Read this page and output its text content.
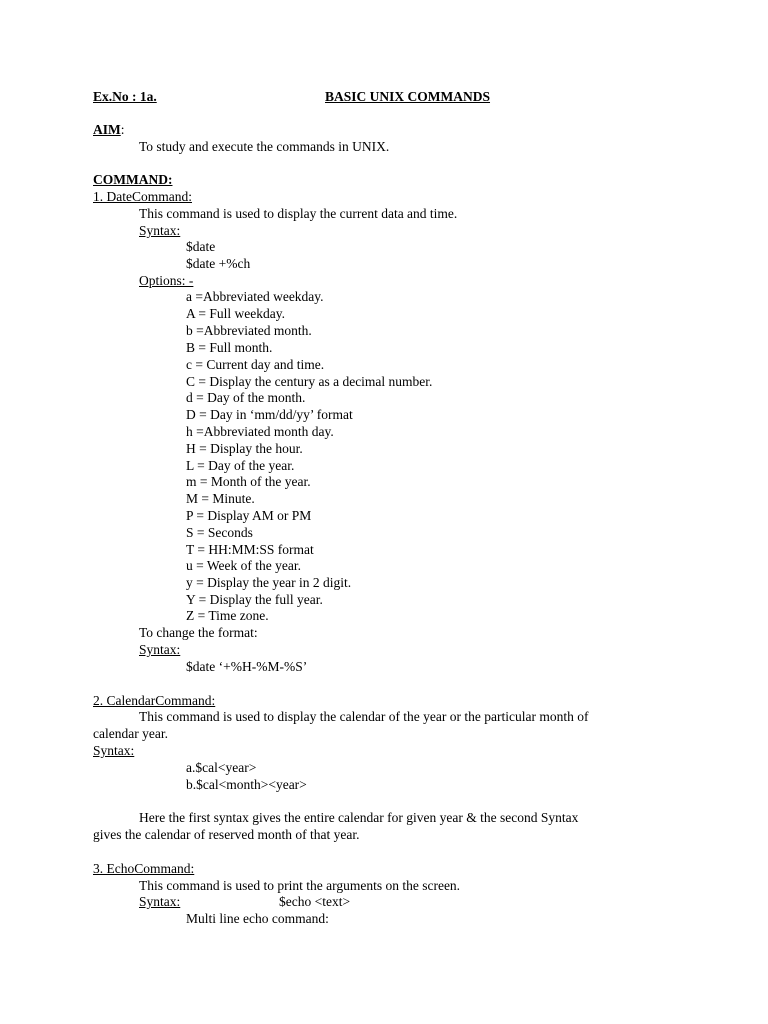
Ex.No : 1a.	BASIC UNIX COMMANDS
AIM:
To study and execute the commands in UNIX.
COMMAND:
1. DateCommand:
This command is used to display the current data and time.
Syntax:
$date
$date +%ch
Options: -
a =Abbreviated weekday.
A = Full weekday.
b =Abbreviated month.
B = Full month.
c = Current day and time.
C = Display the century as a decimal number.
d = Day of the month.
D = Day in ‘mm/dd/yy’ format
h =Abbreviated month day.
H = Display the hour.
L = Day of the year.
m = Month of the year.
M = Minute.
P = Display AM or PM
S = Seconds
T = HH:MM:SS format
u = Week of the year.
y = Display the year in 2 digit.
Y = Display the full year.
Z = Time zone.
To change the format:
Syntax:
$date ‘+%H-%M-%S’
2. CalendarCommand:
This command is used to display the calendar of the year or the particular month of
calendar year.
Syntax:
a.$cal<year>
b.$cal<month><year>
Here the first syntax gives the entire calendar for given year & the second Syntax
gives the calendar of reserved month of that year.
3. EchoCommand:
This command is used to print the arguments on the screen.
Syntax:	$echo <text>
Multi line echo command:
